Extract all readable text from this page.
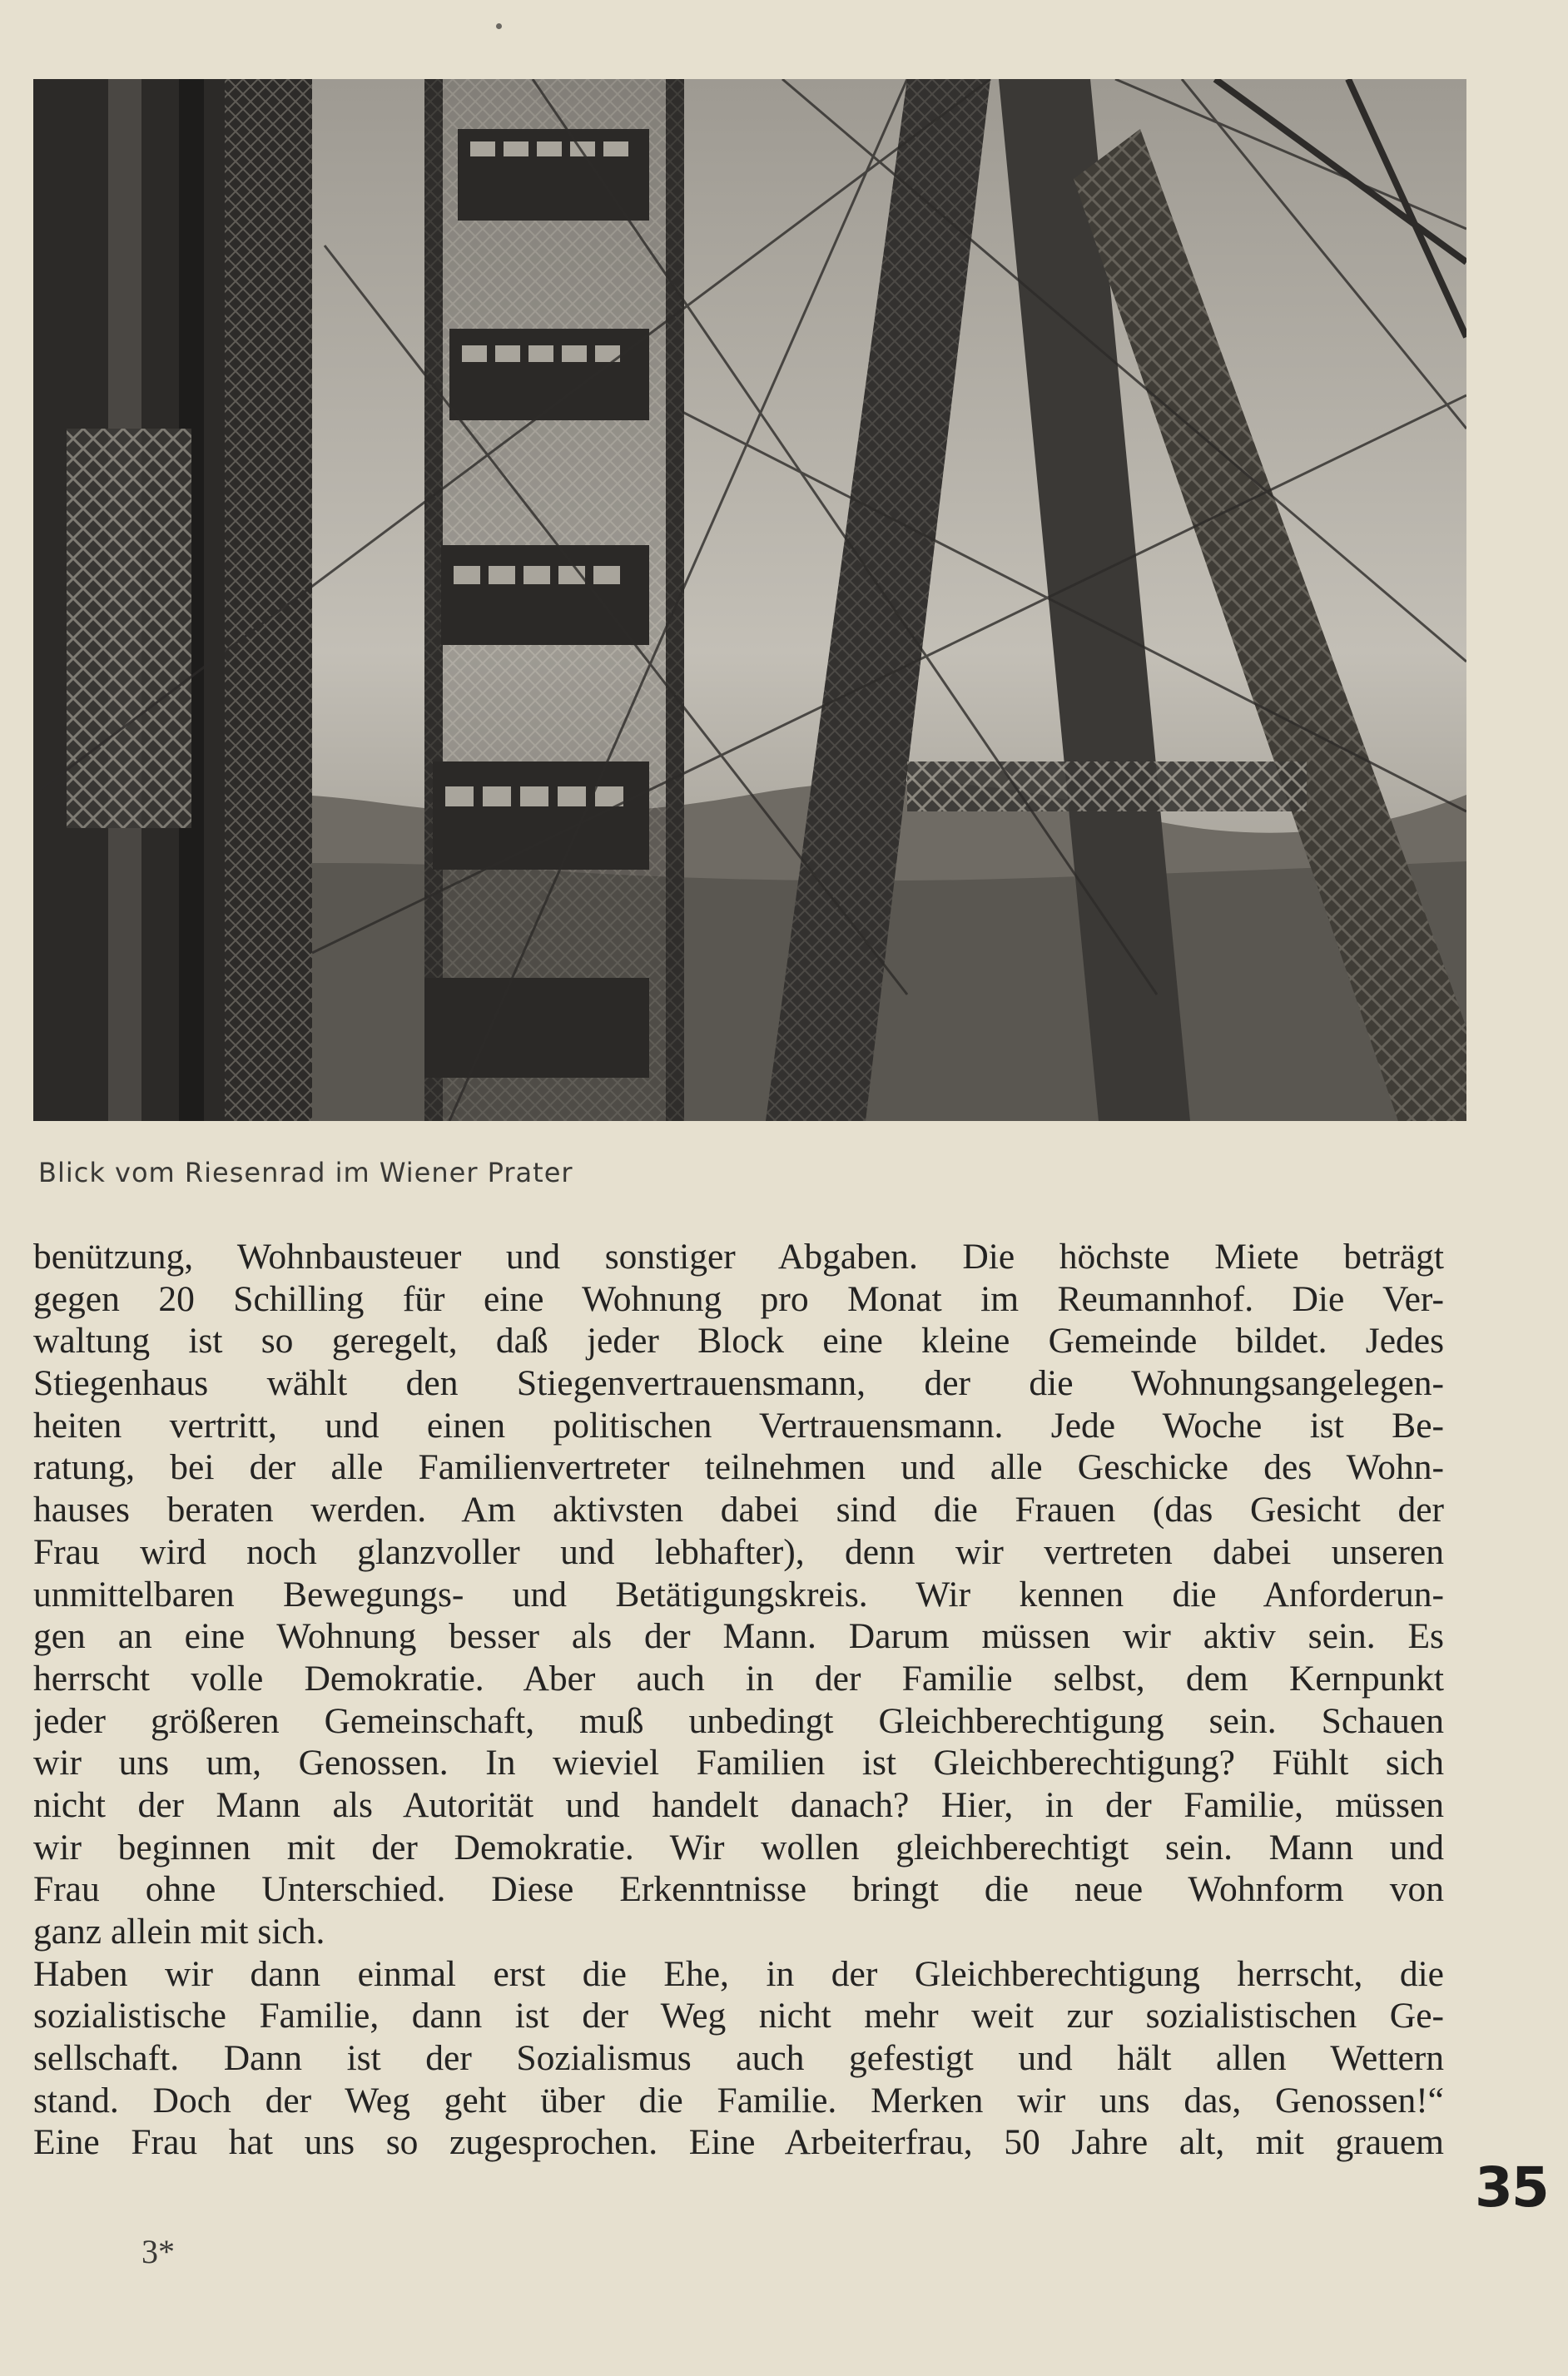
Blick vom Riesenrad im Wiener Prater
benützung, Wohnbausteuer und sonstiger Abgaben. Die höchste Miete beträgt
gegen 20 Schilling für eine Wohnung pro Monat im Reumannhof. Die Ver-
waltung ist so geregelt, daß jeder Block eine kleine Gemeinde bildet. Jedes
Stiegenhaus wählt den Stiegenvertrauensmann, der die Wohnungsangelegen-
heiten vertritt, und einen politischen Vertrauensmann. Jede Woche ist Be-
ratung, bei der alle Familienvertreter teilnehmen und alle Geschicke des Wohn-
hauses beraten werden. Am aktivsten dabei sind die Frauen (das Gesicht der
Frau wird noch glanzvoller und lebhafter), denn wir vertreten dabei unseren
unmittelbaren Bewegungs- und Betätigungskreis. Wir kennen die Anforderun-
gen an eine Wohnung besser als der Mann. Darum müssen wir aktiv sein. Es
herrscht volle Demokratie. Aber auch in der Familie selbst, dem Kernpunkt
jeder größeren Gemeinschaft, muß unbedingt Gleichberechtigung sein. Schauen
wir uns um, Genossen. In wieviel Familien ist Gleichberechtigung? Fühlt sich
nicht der Mann als Autorität und handelt danach? Hier, in der Familie, müssen
wir beginnen mit der Demokratie. Wir wollen gleichberechtigt sein. Mann und
Frau ohne Unterschied. Diese Erkenntnisse bringt die neue Wohnform von
ganz allein mit sich.
Haben wir dann einmal erst die Ehe, in der Gleichberechtigung herrscht, die
sozialistische Familie, dann ist der Weg nicht mehr weit zur sozialistischen Ge-
sellschaft. Dann ist der Sozialismus auch gefestigt und hält allen Wettern
stand. Doch der Weg geht über die Familie. Merken wir uns das, Genossen!“
Eine Frau hat uns so zugesprochen. Eine Arbeiterfrau, 50 Jahre alt, mit grauem
35
3*
